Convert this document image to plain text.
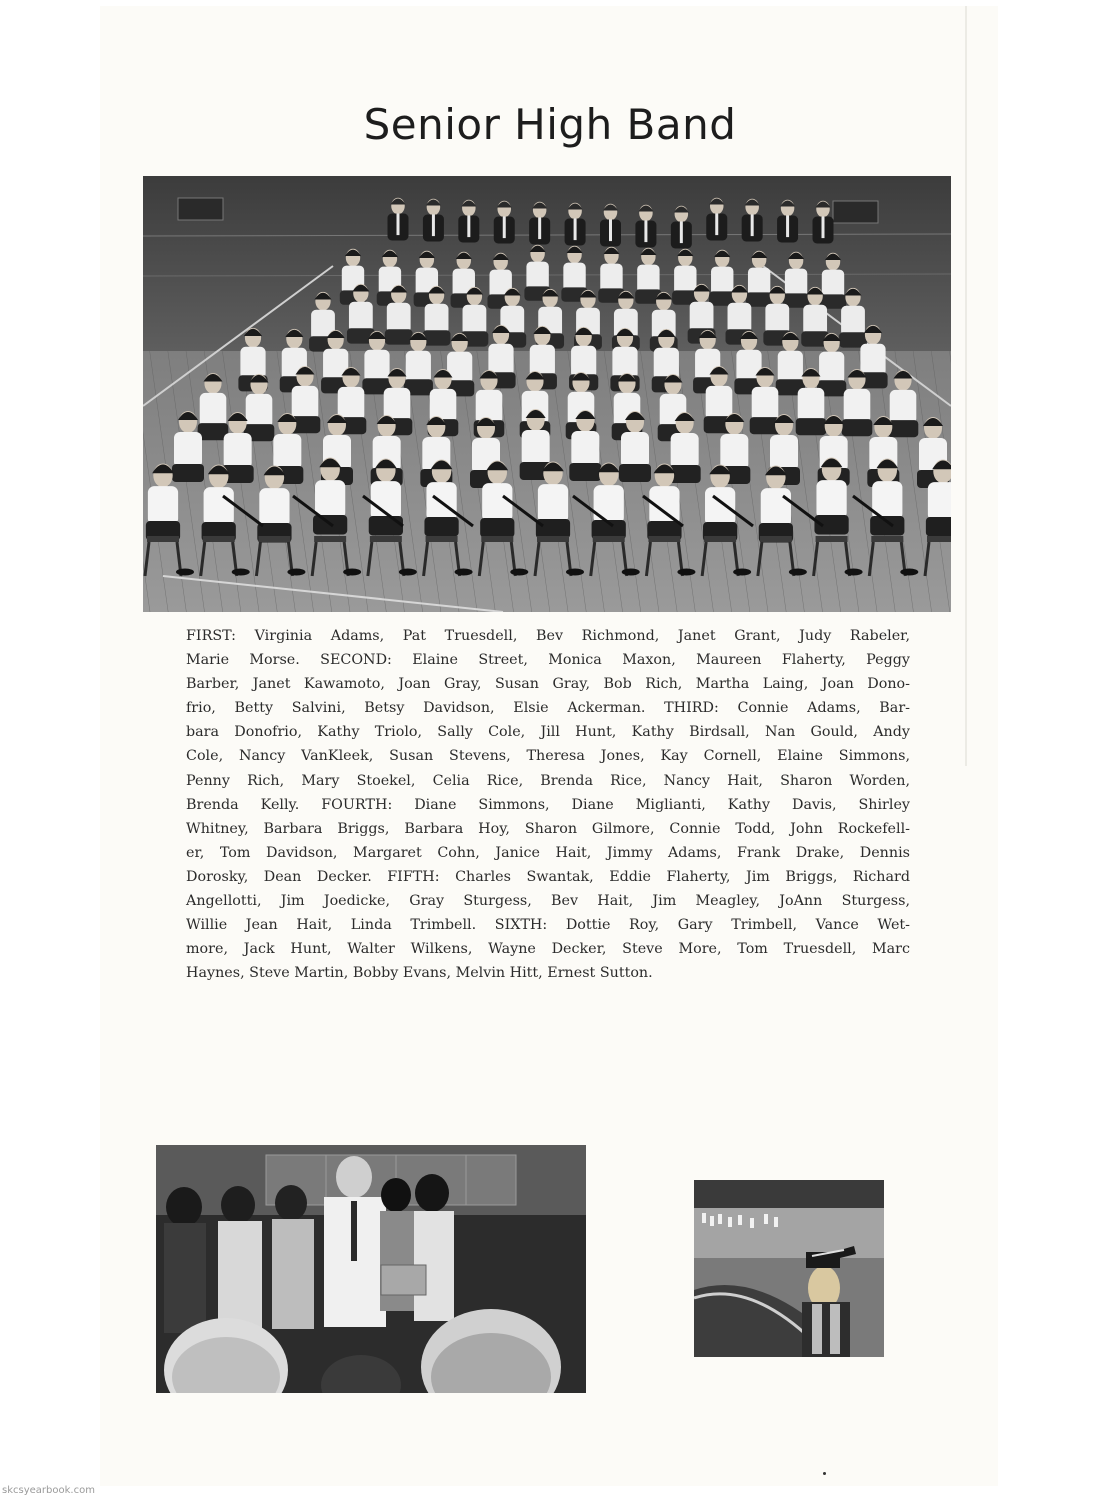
Senior High Band
FIRST: Virginia Adams, Pat Truesdell, Bev Richmond, Janet Grant, Judy Rabeler,
Marie Morse. SECOND: Elaine Street, Monica Maxon, Maureen Flaherty, Peggy
Barber, Janet Kawamoto, Joan Gray, Susan Gray, Bob Rich, Martha Laing, Joan Dono-
frio, Betty Salvini, Betsy Davidson, Elsie Ackerman. THIRD: Connie Adams, Bar-
bara Donofrio, Kathy Triolo, Sally Cole, Jill Hunt, Kathy Birdsall, Nan Gould, Andy
Cole, Nancy VanKleek, Susan Stevens, Theresa Jones, Kay Cornell, Elaine Simmons,
Penny Rich, Mary Stoekel, Celia Rice, Brenda Rice, Nancy Hait, Sharon Worden,
Brenda Kelly. FOURTH: Diane Simmons, Diane Miglianti, Kathy Davis, Shirley
Whitney, Barbara Briggs, Barbara Hoy, Sharon Gilmore, Connie Todd, John Rockefell-
er, Tom Davidson, Margaret Cohn, Janice Hait, Jimmy Adams, Frank Drake, Dennis
Dorosky, Dean Decker. FIFTH: Charles Swantak, Eddie Flaherty, Jim Briggs, Richard
Angellotti, Jim Joedicke, Gray Sturgess, Bev Hait, Jim Meagley, JoAnn Sturgess,
Willie Jean Hait, Linda Trimbell. SIXTH: Dottie Roy, Gary Trimbell, Vance Wet-
more, Jack Hunt, Walter Wilkens, Wayne Decker, Steve More, Tom Truesdell, Marc
Haynes, Steve Martin, Bobby Evans, Melvin Hitt, Ernest Sutton.
skcsyearbook.com
